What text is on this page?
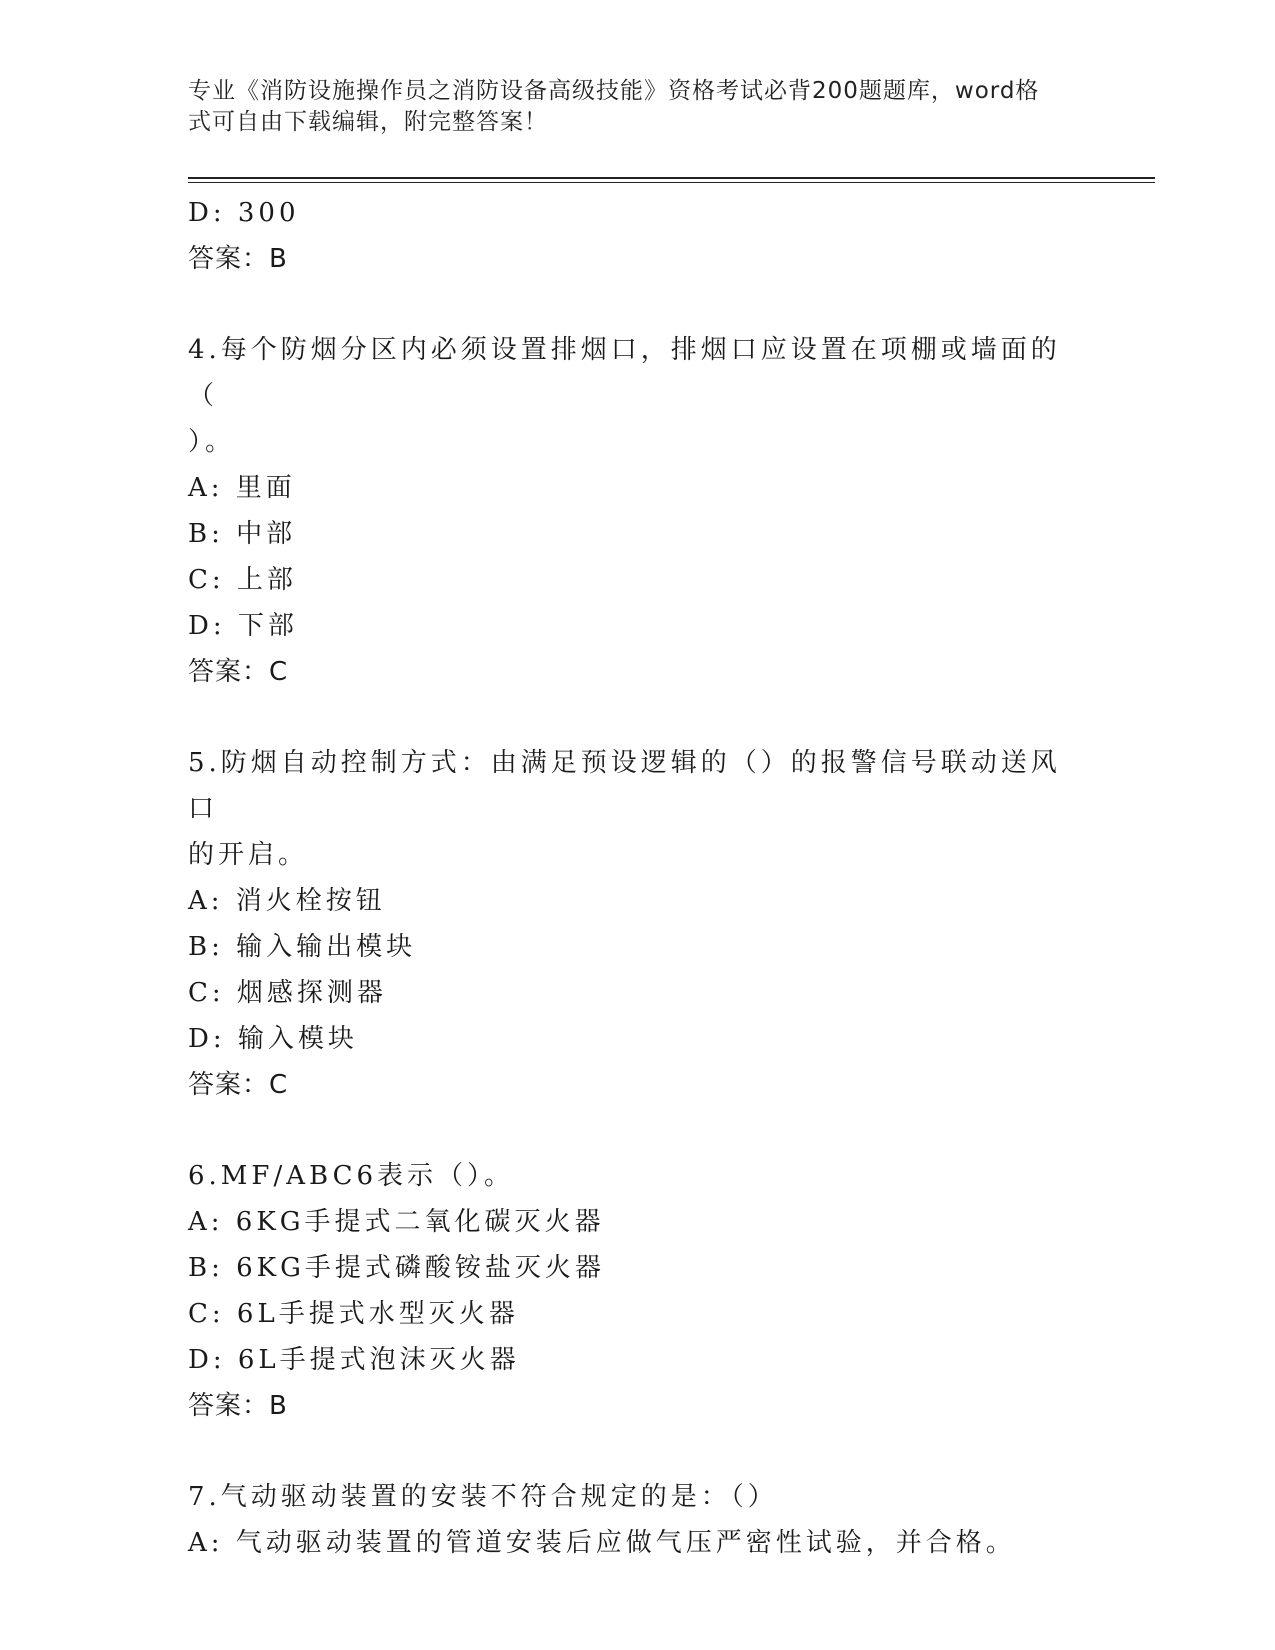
专业《消防设施操作员之消防设备高级技能》资格考试必背200题题库，word格
式可自由下载编辑，附完整答案！
D: 300
答案：B
4.每个防烟分区内必须设置排烟口，排烟口应设置在项棚或墙面的（
）。
A: 里面
B: 中部
C: 上部
D: 下部
答案：C
5.防烟自动控制方式：由满足预设逻辑的（）的报警信号联动送风口
的开启。
A: 消火栓按钮
B: 输入输出模块
C: 烟感探测器
D: 输入模块
答案：C
6.MF/ABC6表示（）。
A: 6KG手提式二氧化碳灭火器
B: 6KG手提式磷酸铵盐灭火器
C: 6L手提式水型灭火器
D: 6L手提式泡沫灭火器
答案：B
7.气动驱动装置的安装不符合规定的是：（）
A: 气动驱动装置的管道安装后应做气压严密性试验，并合格。
